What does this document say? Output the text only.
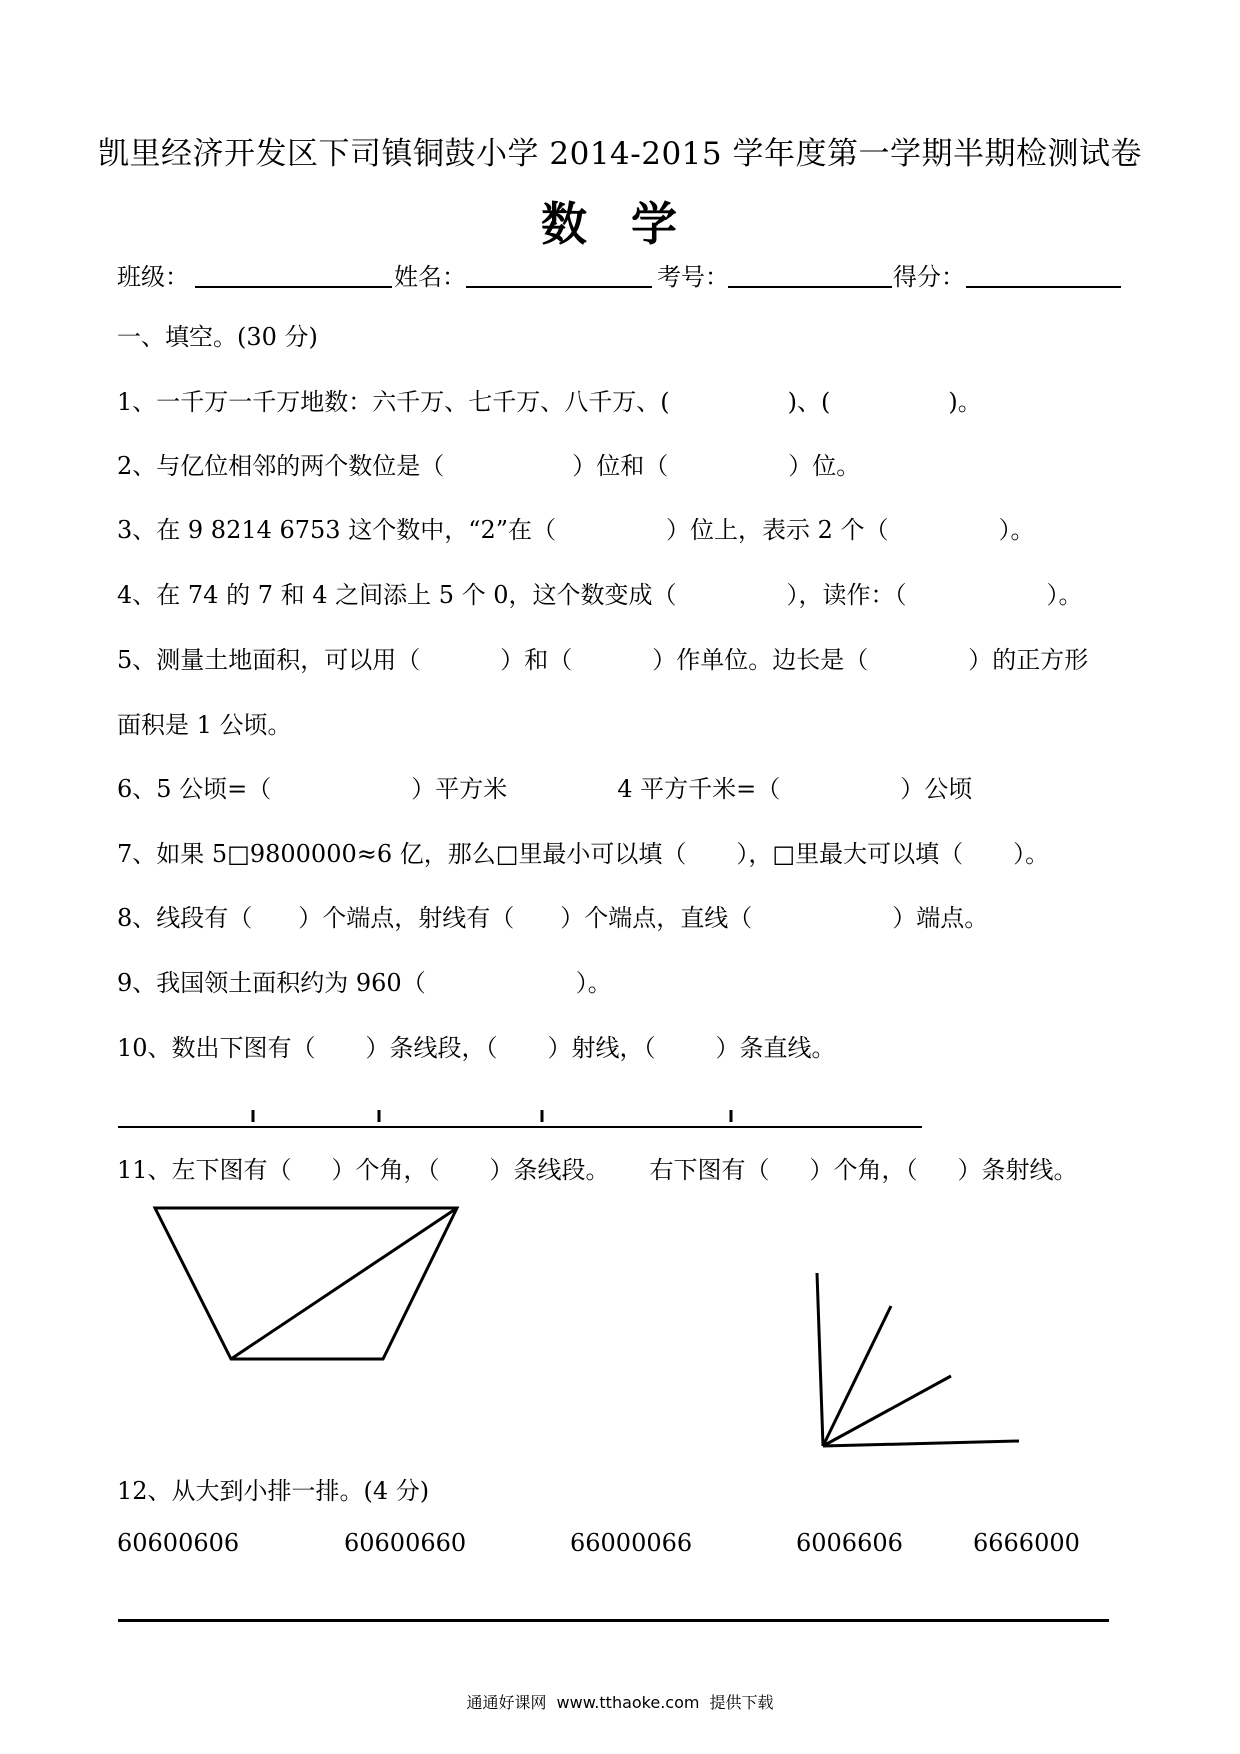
凯里经济开发区下司镇铜鼓小学 2014-2015 学年度第一学期半期检测试卷
数学
班级：	姓名：	考号：	得分：
一、填空。(30 分)
1、一千万一千万地数：六千万、七千万、八千万、(	)、(	)。
2、与亿位相邻的两个数位是（	）位和（	）位。
3、在 9 8214 6753 这个数中，“2”在（	）位上，表示 2 个（	）。
4、在 74 的 7 和 4 之间添上 5 个 0，这个数变成（	），读作：（	）。
5、测量土地面积，可以用（	）和（	）作单位。边长是（	）的正方形
面积是 1 公顷。
6、5 公顷=（	）平方米	4 平方千米=（	）公顷
7、如果 5□9800000≈6 亿，那么□里最小可以填（ ），□里最大可以填（ ）。
8、线段有（ ）个端点，射线有（ ）个端点，直线（	）端点。
9、我国领土面积约为 960（	）。
10、数出下图有（ ）条线段，（ ）射线，（	）条直线。
11、左下图有（ ）个角，（ ）条线段。 右下图有（ ）个角，（ ）条射线。
12、从大到小排一排。(4 分)
60600606	60600660	66000066	6006606	6666000
通通好课网 www.tthaoke.com 提供下载
